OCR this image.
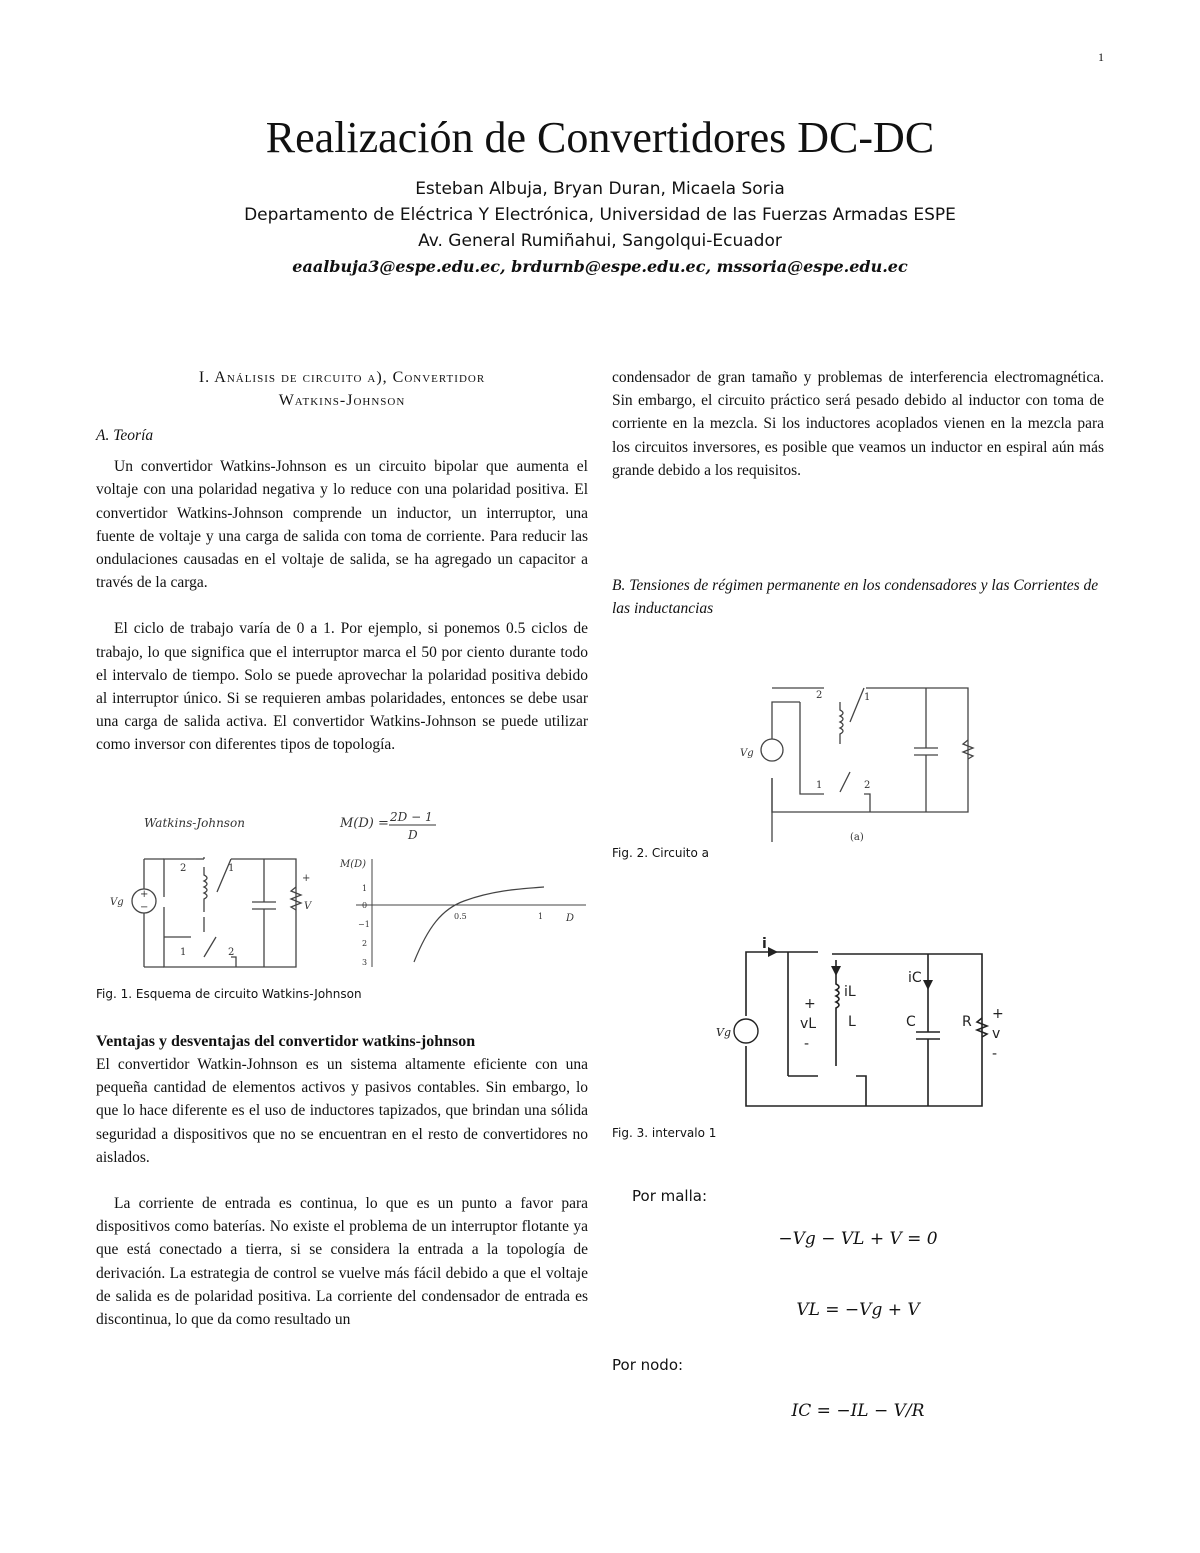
1
Realización de Convertidores DC-DC
Esteban Albuja, Bryan Duran, Micaela Soria
Departamento de Eléctrica Y Electrónica, Universidad de las Fuerzas Armadas ESPE
Av. General Rumiñahui, Sangolqui-Ecuador
eaalbuja3@espe.edu.ec, brdurnb@espe.edu.ec, mssoria@espe.edu.ec
I. Análisis de circuito a), Convertidor
Watkins-Johnson
A. Teoría

Un convertidor Watkins-Johnson es un circuito bipolar que aumenta el voltaje con una polaridad negativa y lo reduce con una polaridad positiva. El convertidor Watkins-Johnson comprende un inductor, un interruptor, una fuente de voltaje y una carga de salida con toma de corriente. Para reducir las ondulaciones causadas en el voltaje de salida, se ha agregado un capacitor a través de la carga.

El ciclo de trabajo varía de 0 a 1. Por ejemplo, si ponemos 0.5 ciclos de trabajo, lo que significa que el interruptor marca el 50 por ciento durante todo el intervalo de tiempo. Solo se puede aprovechar la polaridad positiva debido al interruptor único. Si se requieren ambas polaridades, entonces se debe usar una carga de salida activa. El convertidor Watkins-Johnson se puede utilizar como inversor con diferentes tipos de topología.

Watkins-Johnson	M(D) = 2D − 1
D
Vg
+
−
2	1
1	2
+
V
M(D)
D
1
0
−1
2
3
0.5	1
Fig. 1. Esquema de circuito Watkins-Johnson
Ventajas y desventajas del convertidor watkins-johnson

El convertidor Watkin-Johnson es un sistema altamente eficiente con una pequeña cantidad de elementos activos y pasivos contables. Sin embargo, lo que lo hace diferente es el uso de inductores tapizados, que brindan una sólida seguridad a dispositivos que no se encuentran en el resto de convertidores no aislados.

La corriente de entrada es continua, lo que es un punto a favor para dispositivos como baterías. No existe el problema de un interruptor flotante ya que está conectado a tierra, si se considera la entrada a la topología de derivación. La estrategia de control se vuelve más fácil debido a que el voltaje de salida es de polaridad positiva. La corriente del condensador de entrada es discontinua, lo que da como resultado un

condensador de gran tamaño y problemas de interferencia electromagnética. Sin embargo, el circuito práctico será pesado debido al inductor con toma de corriente en la mezcla. Si los inductores acoplados vienen en la mezcla para los circuitos inversores, es posible que veamos un inductor en espiral aún más grande debido a los requisitos.

B. Tensiones de régimen permanente en los condensadores y las Corrientes de las inductancias
Vg
2	1
1	2
(a)
Fig. 2. Circuito a
i
iL
iC
+
vL
-
L	C	R +
v
-
Vg
Fig. 3. intervalo 1
Por malla:
−Vg − VL + V = 0
VL = −Vg + V
Por nodo:
IC = −IL − V/R
